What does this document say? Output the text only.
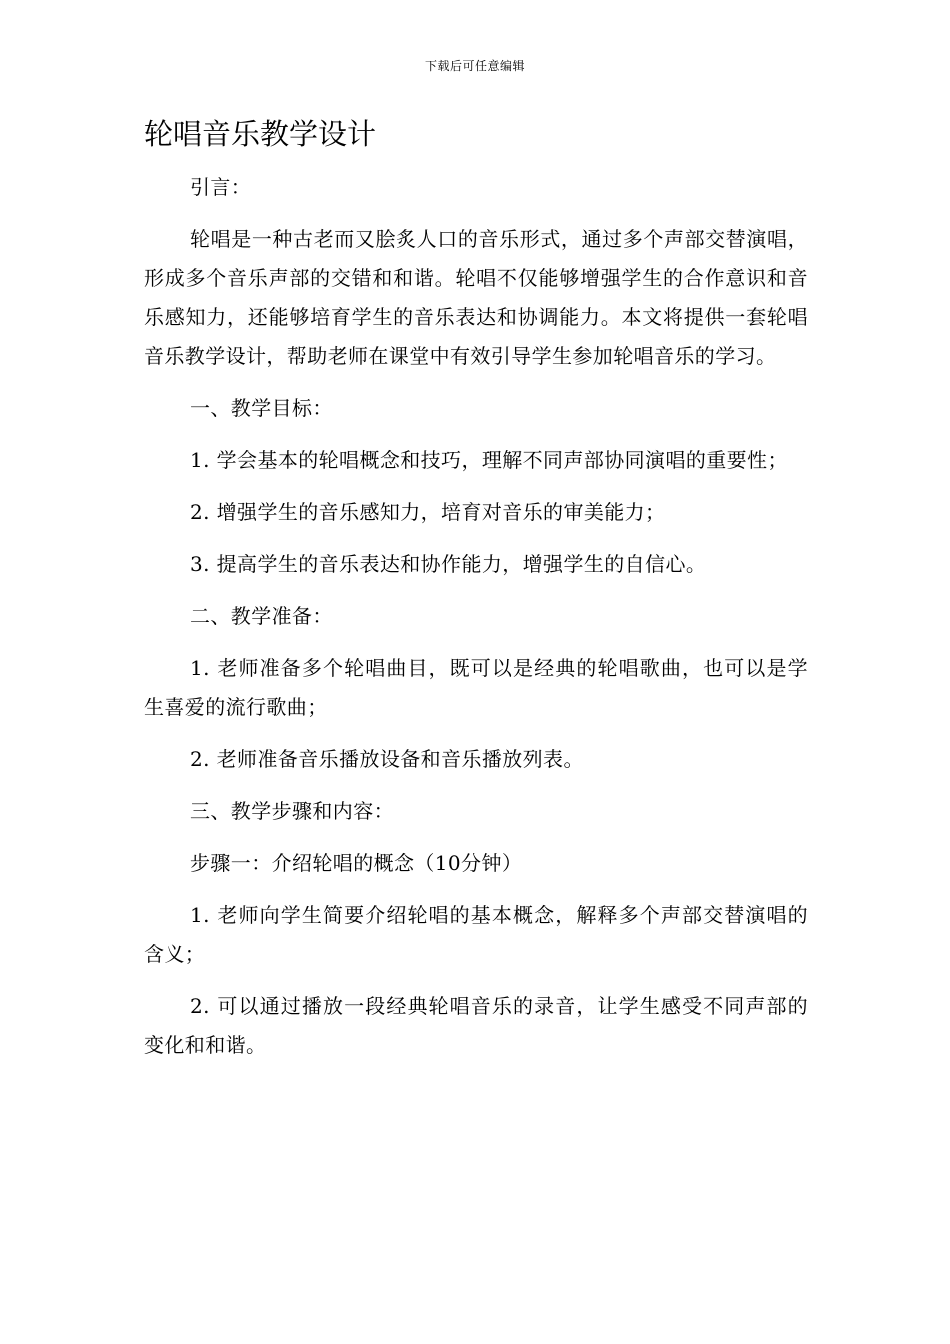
下载后可任意编辑
轮唱音乐教学设计

引言：

轮唱是一种古老而又脍炙人口的音乐形式，通过多个声部交替演唱，形成多个音乐声部的交错和和谐。轮唱不仅能够增强学生的合作意识和音乐感知力，还能够培育学生的音乐表达和协调能力。本文将提供一套轮唱音乐教学设计，帮助老师在课堂中有效引导学生参加轮唱音乐的学习。

一、教学目标：

1. 学会基本的轮唱概念和技巧，理解不同声部协同演唱的重要性；

2. 增强学生的音乐感知力，培育对音乐的审美能力；

3. 提高学生的音乐表达和协作能力，增强学生的自信心。

二、教学准备：

1. 老师准备多个轮唱曲目，既可以是经典的轮唱歌曲，也可以是学生喜爱的流行歌曲；

2. 老师准备音乐播放设备和音乐播放列表。

三、教学步骤和内容：

步骤一：介绍轮唱的概念（10分钟）

1. 老师向学生简要介绍轮唱的基本概念，解释多个声部交替演唱的含义；

2. 可以通过播放一段经典轮唱音乐的录音，让学生感受不同声部的变化和和谐。
